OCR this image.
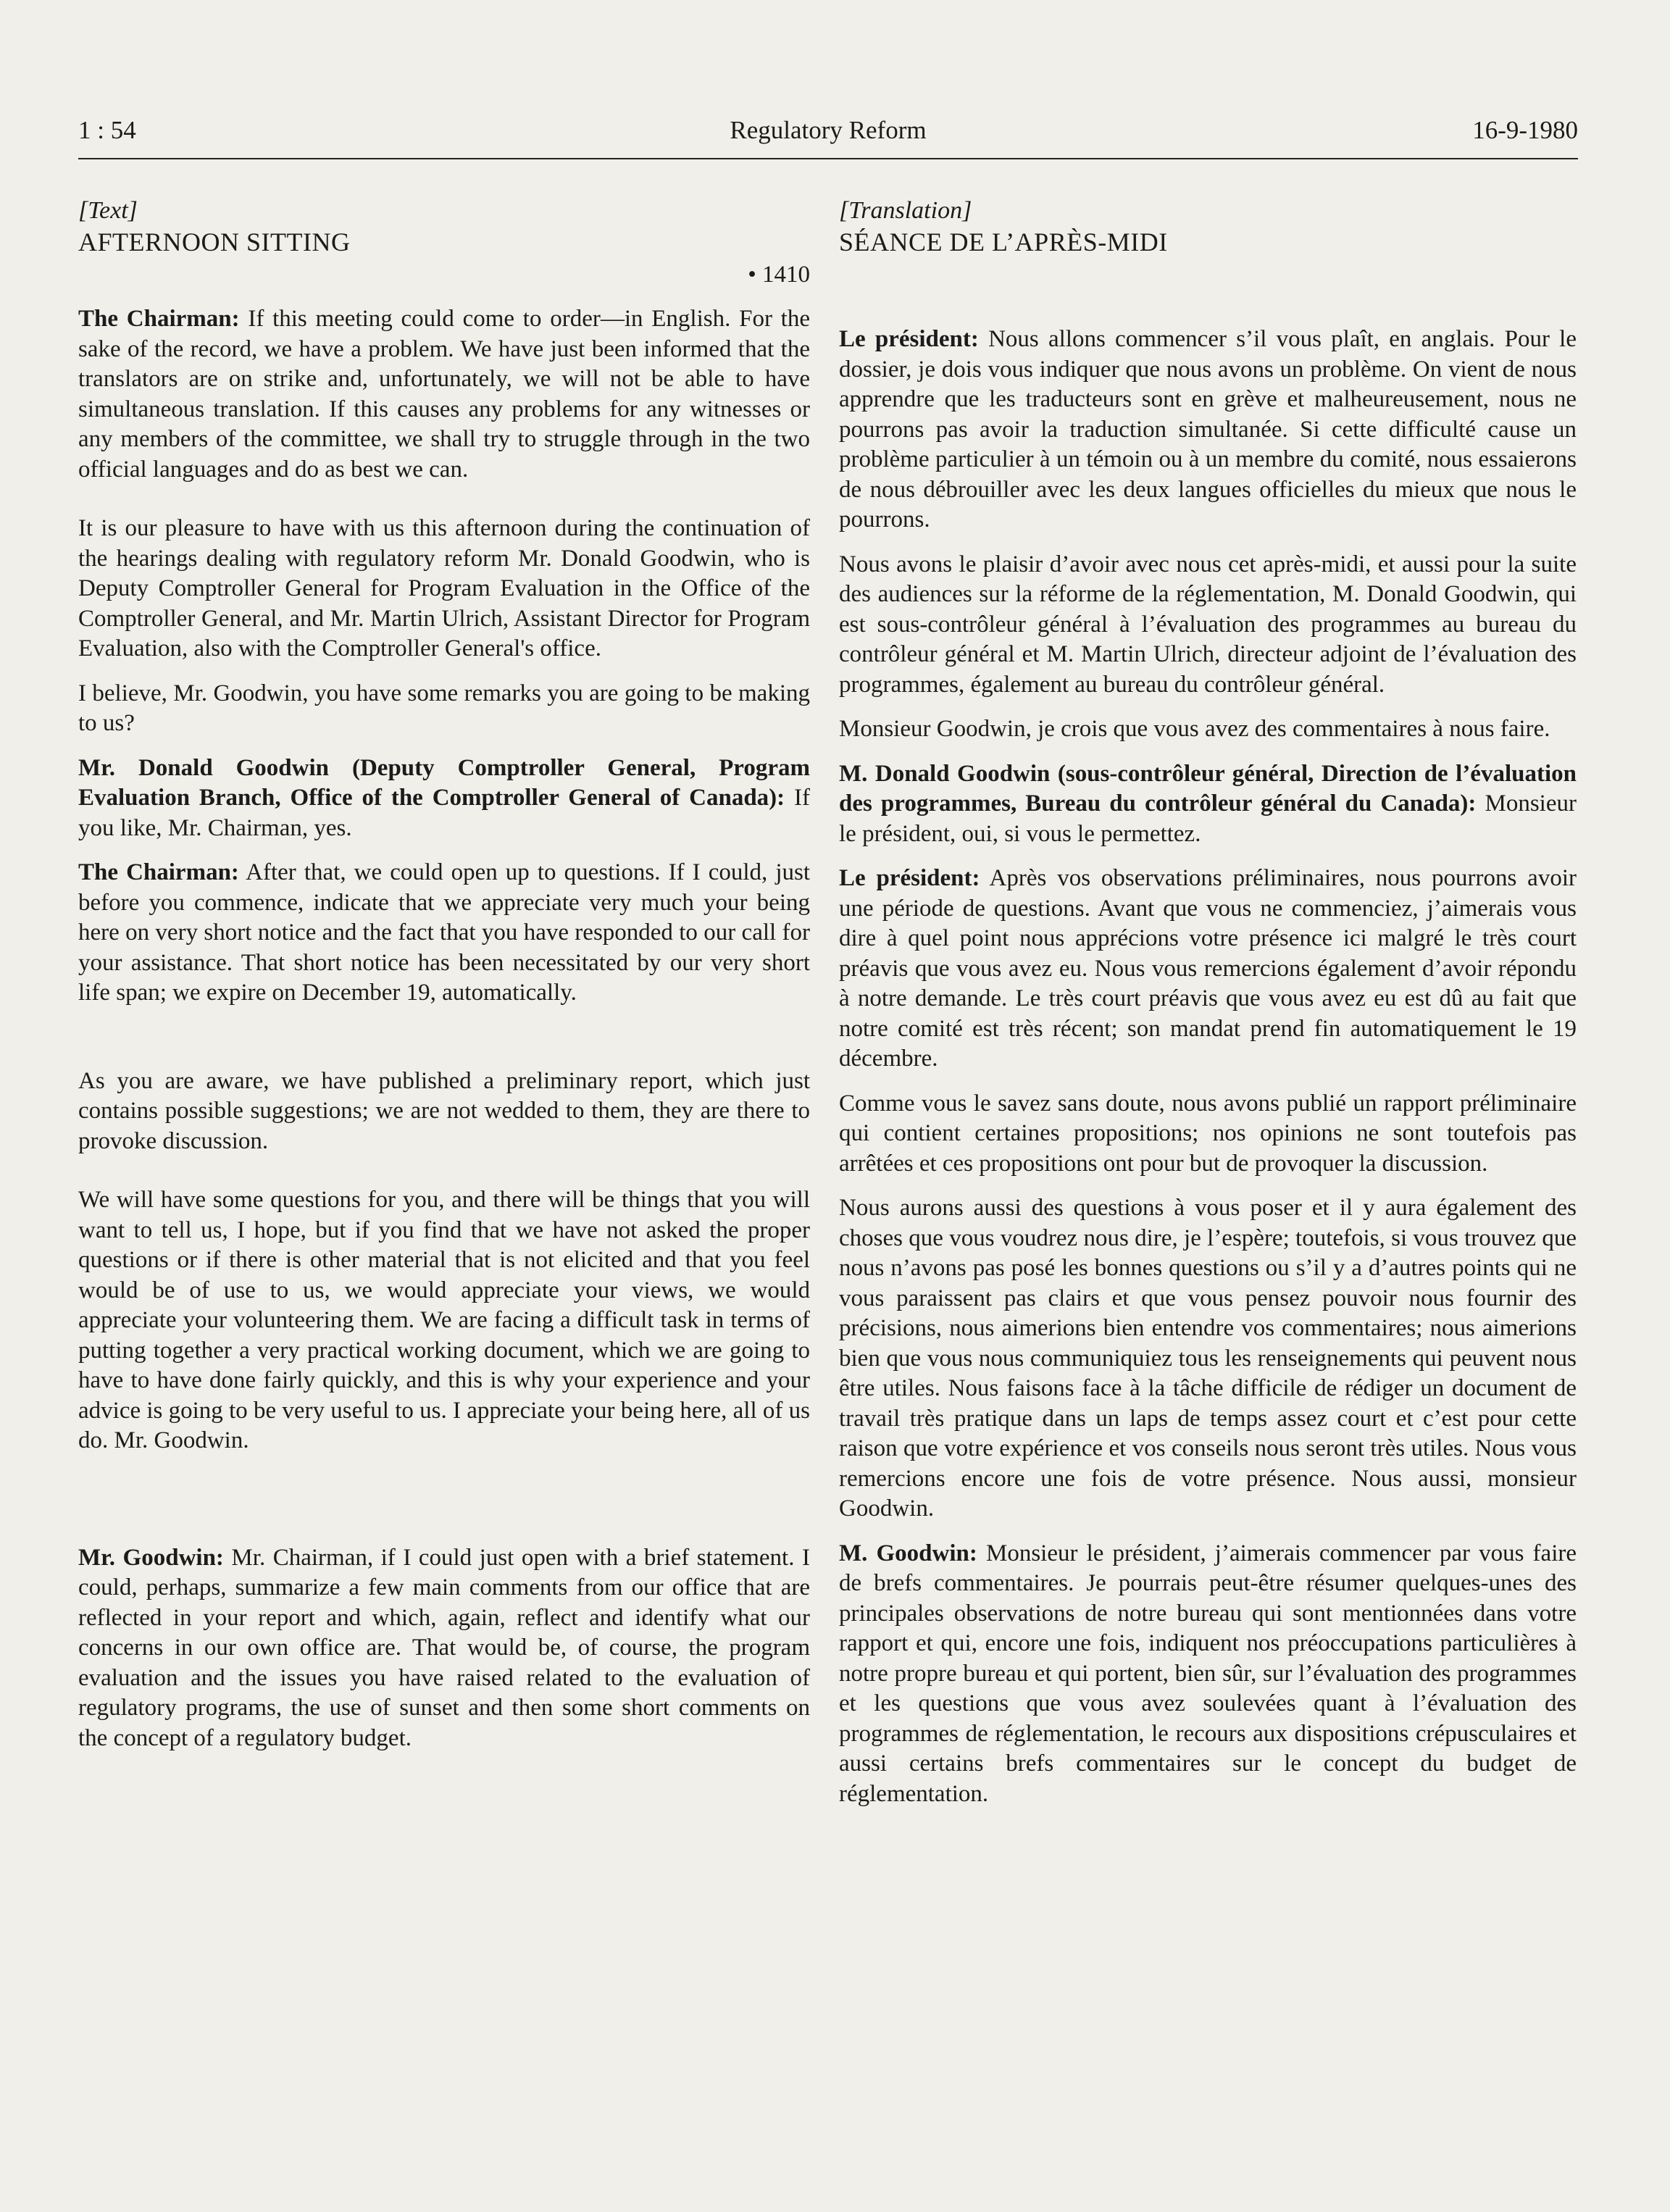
1 : 54	Regulatory Reform	16-9-1980
[Text]
AFTERNOON SITTING
• 1410

The Chairman: If this meeting could come to order—in English. For the sake of the record, we have a problem. We have just been informed that the translators are on strike and, unfortunately, we will not be able to have simultaneous translation. If this causes any problems for any witnesses or any members of the committee, we shall try to struggle through in the two official languages and do as best we can.

It is our pleasure to have with us this afternoon during the continuation of the hearings dealing with regulatory reform Mr. Donald Goodwin, who is Deputy Comptroller General for Program Evaluation in the Office of the Comptroller General, and Mr. Martin Ulrich, Assistant Director for Program Evaluation, also with the Comptroller General's office.

I believe, Mr. Goodwin, you have some remarks you are going to be making to us?

Mr. Donald Goodwin (Deputy Comptroller General, Program Evaluation Branch, Office of the Comptroller General of Canada): If you like, Mr. Chairman, yes.

The Chairman: After that, we could open up to questions. If I could, just before you commence, indicate that we appreciate very much your being here on very short notice and the fact that you have responded to our call for your assistance. That short notice has been necessitated by our very short life span; we expire on December 19, automatically.

As you are aware, we have published a preliminary report, which just contains possible suggestions; we are not wedded to them, they are there to provoke discussion.

We will have some questions for you, and there will be things that you will want to tell us, I hope, but if you find that we have not asked the proper questions or if there is other material that is not elicited and that you feel would be of use to us, we would appreciate your views, we would appreciate your volunteering them. We are facing a difficult task in terms of putting together a very practical working document, which we are going to have to have done fairly quickly, and this is why your experience and your advice is going to be very useful to us. I appreciate your being here, all of us do. Mr. Goodwin.

Mr. Goodwin: Mr. Chairman, if I could just open with a brief statement. I could, perhaps, summarize a few main comments from our office that are reflected in your report and which, again, reflect and identify what our concerns in our own office are. That would be, of course, the program evaluation and the issues you have raised related to the evaluation of regulatory programs, the use of sunset and then some short comments on the concept of a regulatory budget.

[Translation]
SÉANCE DE L’APRÈS-MIDI

Le président: Nous allons commencer s’il vous plaît, en anglais. Pour le dossier, je dois vous indiquer que nous avons un problème. On vient de nous apprendre que les traducteurs sont en grève et malheureusement, nous ne pourrons pas avoir la traduction simultanée. Si cette difficulté cause un problème particulier à un témoin ou à un membre du comité, nous essaierons de nous débrouiller avec les deux langues officielles du mieux que nous le pourrons.

Nous avons le plaisir d’avoir avec nous cet après-midi, et aussi pour la suite des audiences sur la réforme de la réglementation, M. Donald Goodwin, qui est sous-contrôleur général à l’évaluation des programmes au bureau du contrôleur général et M. Martin Ulrich, directeur adjoint de l’évaluation des programmes, également au bureau du contrôleur général.

Monsieur Goodwin, je crois que vous avez des commentaires à nous faire.

M. Donald Goodwin (sous-contrôleur général, Direction de l’évaluation des programmes, Bureau du contrôleur général du Canada): Monsieur le président, oui, si vous le permettez.

Le président: Après vos observations préliminaires, nous pourrons avoir une période de questions. Avant que vous ne commenciez, j’aimerais vous dire à quel point nous apprécions votre présence ici malgré le très court préavis que vous avez eu. Nous vous remercions également d’avoir répondu à notre demande. Le très court préavis que vous avez eu est dû au fait que notre comité est très récent; son mandat prend fin automatiquement le 19 décembre.

Comme vous le savez sans doute, nous avons publié un rapport préliminaire qui contient certaines propositions; nos opinions ne sont toutefois pas arrêtées et ces propositions ont pour but de provoquer la discussion.

Nous aurons aussi des questions à vous poser et il y aura également des choses que vous voudrez nous dire, je l’espère; toutefois, si vous trouvez que nous n’avons pas posé les bonnes questions ou s’il y a d’autres points qui ne vous paraissent pas clairs et que vous pensez pouvoir nous fournir des précisions, nous aimerions bien entendre vos commentaires; nous aimerions bien que vous nous communiquiez tous les renseignements qui peuvent nous être utiles. Nous faisons face à la tâche difficile de rédiger un document de travail très pratique dans un laps de temps assez court et c’est pour cette raison que votre expérience et vos conseils nous seront très utiles. Nous vous remercions encore une fois de votre présence. Nous aussi, monsieur Goodwin.

M. Goodwin: Monsieur le président, j’aimerais commencer par vous faire de brefs commentaires. Je pourrais peut-être résumer quelques-unes des principales observations de notre bureau qui sont mentionnées dans votre rapport et qui, encore une fois, indiquent nos préoccupations particulières à notre propre bureau et qui portent, bien sûr, sur l’évaluation des programmes et les questions que vous avez soulevées quant à l’évaluation des programmes de réglementation, le recours aux dispositions crépusculaires et aussi certains brefs commentaires sur le concept du budget de réglementation.
